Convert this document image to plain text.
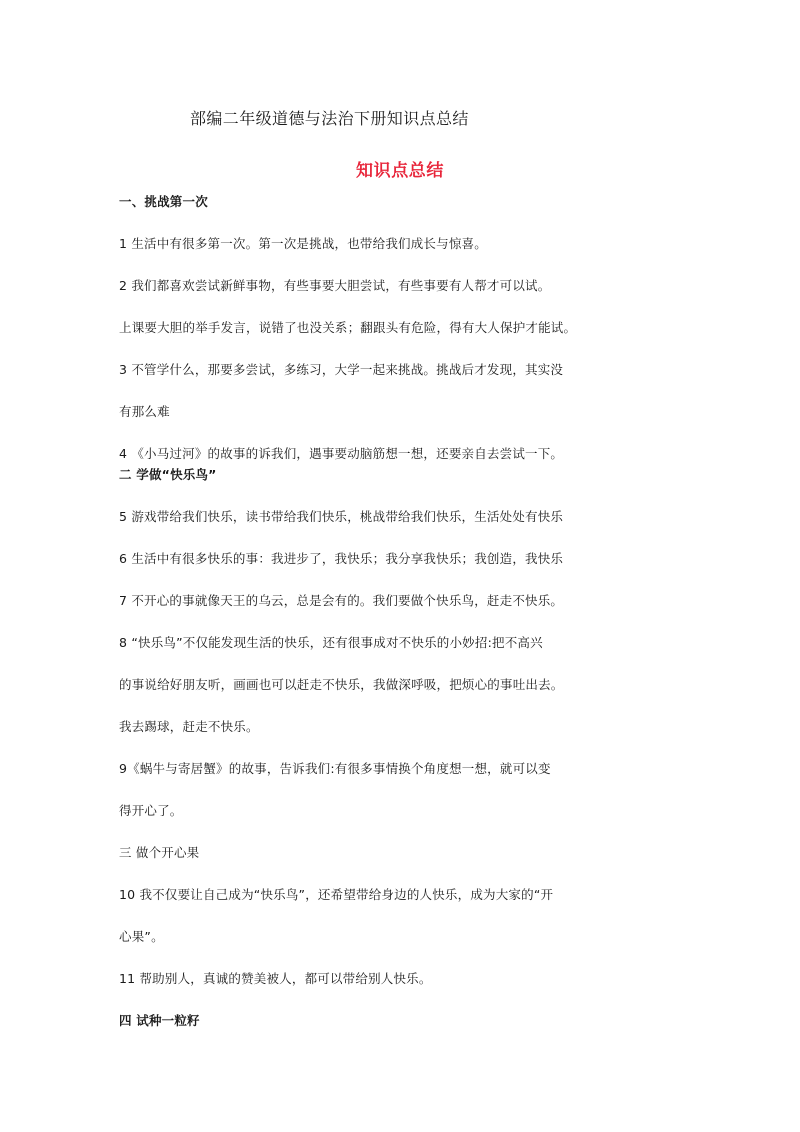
部编二年级道德与法治下册知识点总结
知识点总结
一、挑战第一次
1 生活中有很多第一次。第一次是挑战，也带给我们成长与惊喜。
2 我们都喜欢尝试新鲜事物，有些事要大胆尝试，有些事要有人帮才可以试。
上课要大胆的举手发言，说错了也没关系；翻跟头有危险，得有大人保护才能试。
3 不管学什么，那要多尝试，多练习，大学一起来挑战。挑战后才发现，其实没
有那么难
4 《小马过河》的故事的诉我们，遇事要动脑筋想一想，还要亲自去尝试一下。
二 学做“快乐鸟”
5 游戏带给我们快乐，读书带给我们快乐，桃战带给我们快乐，生活处处有快乐
6 生活中有很多快乐的事：我进步了，我快乐；我分享我快乐；我创造，我快乐
7 不开心的事就像天王的乌云，总是会有的。我们要做个快乐鸟，赶走不快乐。
8 “快乐鸟”不仅能发现生活的快乐，还有很事成对不快乐的小妙招:把不高兴
的事说给好朋友听，画画也可以赶走不快乐，我做深呼吸，把烦心的事吐出去。
我去踢球，赶走不快乐。
9《蜗牛与寄居蟹》的故事，告诉我们:有很多事情换个角度想一想，就可以变
得开心了。
三 做个开心果
10 我不仅要让自己成为“快乐鸟”，还希望带给身边的人快乐，成为大家的“开
心果”。
11 帮助别人，真诚的赞美被人，都可以带给别人快乐。
四 试种一粒籽
